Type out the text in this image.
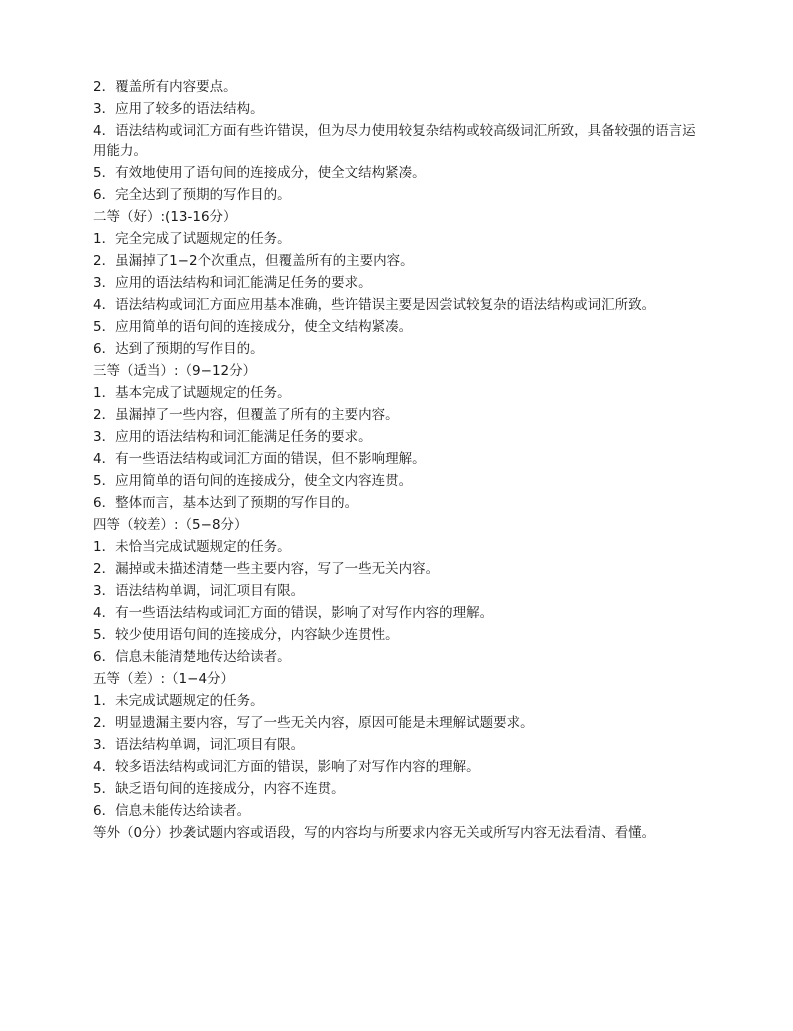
2．覆盖所有内容要点。
3．应用了较多的语法结构。
4．语法结构或词汇方面有些许错误，但为尽力使用较复杂结构或较高级词汇所致，具备较强的语言运用能力。
5．有效地使用了语句间的连接成分，使全文结构紧凑。
6．完全达到了预期的写作目的。
二等（好）:(13-16分）
1．完全完成了试题规定的任务。
2．虽漏掉了1−2个次重点，但覆盖所有的主要内容。
3．应用的语法结构和词汇能满足任务的要求。
4．语法结构或词汇方面应用基本准确，些许错误主要是因尝试较复杂的语法结构或词汇所致。
5．应用简单的语句间的连接成分，使全文结构紧凑。
6．达到了预期的写作目的。
三等（适当）:（9−12分）
1．基本完成了试题规定的任务。
2．虽漏掉了一些内容，但覆盖了所有的主要内容。
3．应用的语法结构和词汇能满足任务的要求。
4．有一些语法结构或词汇方面的错误，但不影响理解。
5．应用简单的语句间的连接成分，使全文内容连贯。
6．整体而言，基本达到了预期的写作目的。
四等（较差）:（5−8分）
1．未恰当完成试题规定的任务。
2．漏掉或未描述清楚一些主要内容，写了一些无关内容。
3．语法结构单调，词汇项目有限。
4．有一些语法结构或词汇方面的错误，影响了对写作内容的理解。
5．较少使用语句间的连接成分，内容缺少连贯性。
6．信息未能清楚地传达给读者。
五等（差）:（1−4分）
1．未完成试题规定的任务。
2．明显遗漏主要内容，写了一些无关内容，原因可能是未理解试题要求。
3．语法结构单调，词汇项目有限。
4．较多语法结构或词汇方面的错误，影响了对写作内容的理解。
5．缺乏语句间的连接成分，内容不连贯。
6．信息未能传达给读者。
等外（0分）抄袭试题内容或语段，写的内容均与所要求内容无关或所写内容无法看清、看懂。
